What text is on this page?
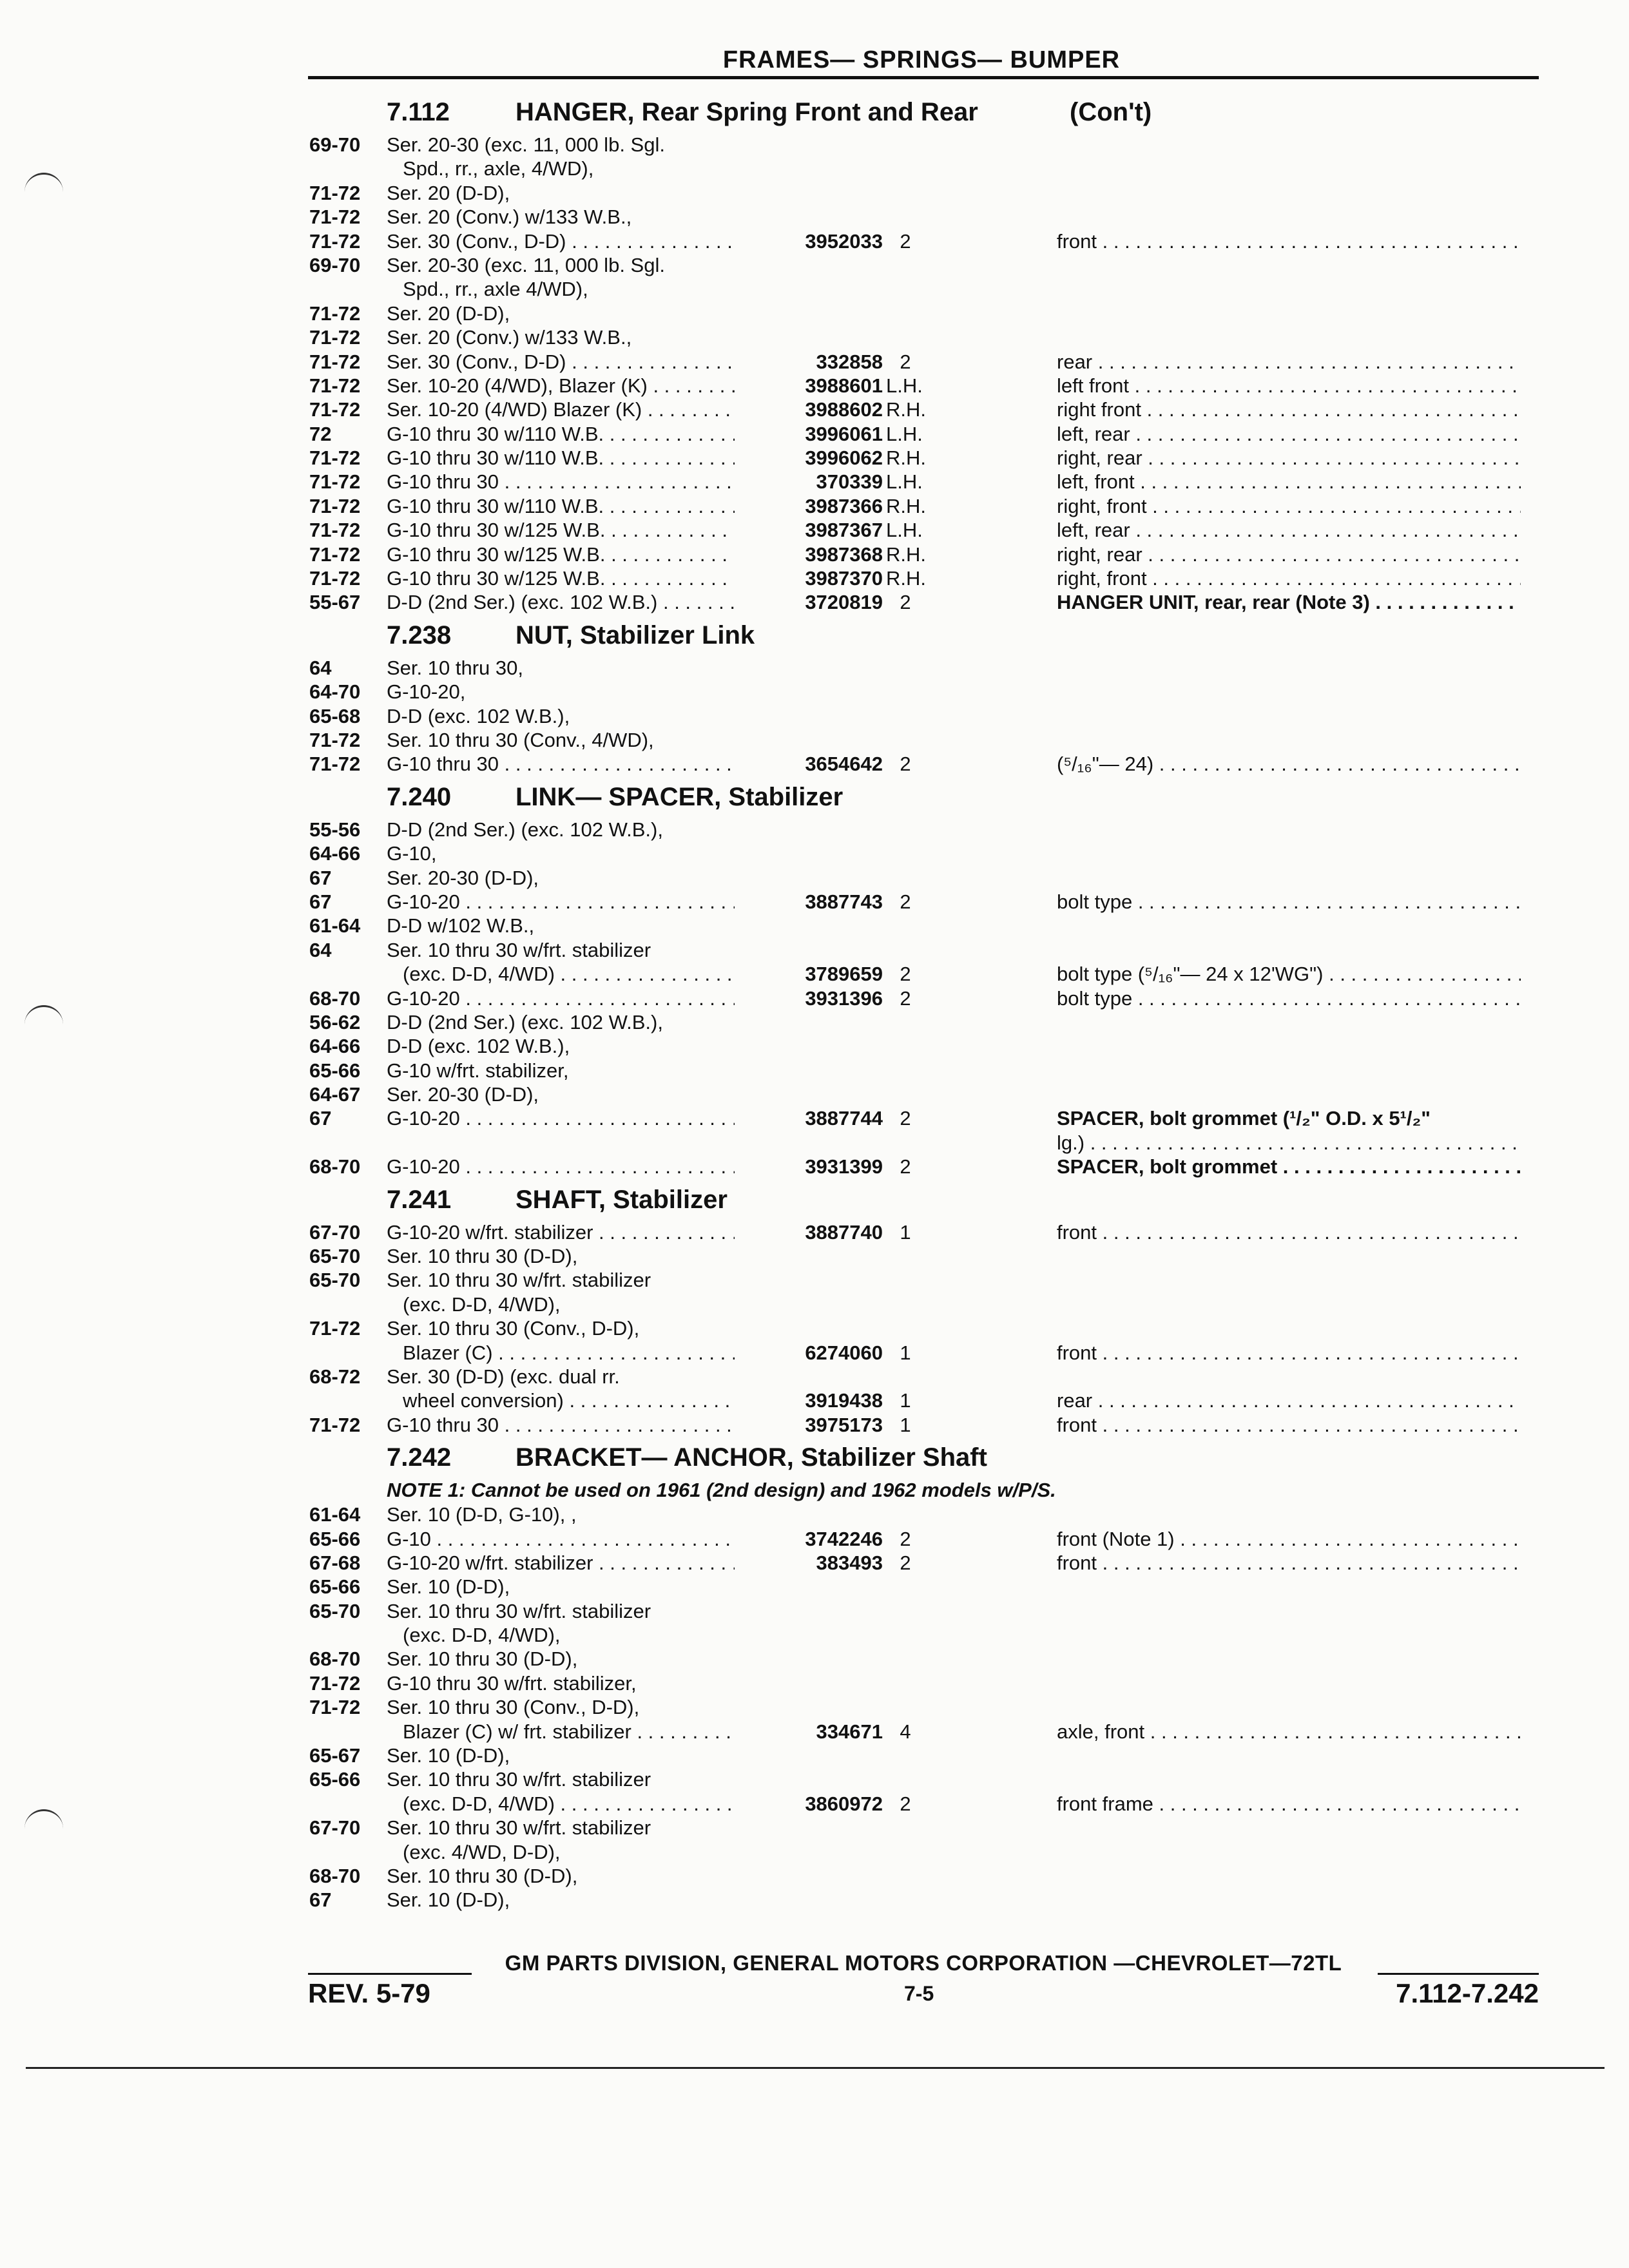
FRAMES— SPRINGS— BUMPER
7.112	HANGER, Rear Spring Front and Rear	(Con't)
69-70	Ser. 20-30 (exc. 11, 000 lb. Sgl.
Spd., rr., axle, 4/WD),
71-72	Ser. 20 (D-D),
71-72	Ser. 20 (Conv.) w/133 W.B.,
71-72	Ser. 30 (Conv., D-D) . . .	3952033 2	front . . .
69-70	Ser. 20-30 (exc. 11, 000 lb. Sgl.
Spd., rr., axle 4/WD),
71-72	Ser. 20 (D-D),
71-72	Ser. 20 (Conv.) w/133 W.B.,
71-72	Ser. 30 (Conv., D-D) . . .	332858 2	rear . . .
71-72	Ser. 10-20 (4/WD), Blazer (K) . . .	3988601 L.H.	left front . . .
71-72	Ser. 10-20 (4/WD) Blazer (K) . . .	3988602 R.H.	right front . . .
72	G-10 thru 30 w/110 W.B. . . .	3996061 L.H.	left, rear . . .
71-72	G-10 thru 30 w/110 W.B. . . .	3996062 R.H.	right, rear . . .
71-72	G-10 thru 30 . . .	370339 L.H.	left, front . . .
71-72	G-10 thru 30 w/110 W.B. . . .	3987366 R.H.	right, front . . .
71-72	G-10 thru 30 w/125 W.B. . . .	3987367 L.H.	left, rear . . .
71-72	G-10 thru 30 w/125 W.B. . . .	3987368 R.H.	right, rear . . .
71-72	G-10 thru 30 w/125 W.B. . . .	3987370 R.H.	right, front . . .
55-67	D-D (2nd Ser.) (exc. 102 W.B.) . . .	3720819 2	HANGER UNIT, rear, rear (Note 3) . . .
7.238 NUT, Stabilizer Link
64	Ser. 10 thru 30,
64-70	G-10-20,
65-68	D-D (exc. 102 W.B.),
71-72	Ser. 10 thru 30 (Conv., 4/WD),
71-72	G-10 thru 30 . . .	3654642 2	(⁵/₁₆"— 24) . . .
7.240 LINK— SPACER, Stabilizer
55-56	D-D (2nd Ser.) (exc. 102 W.B.),
64-66	G-10,
67	Ser. 20-30 (D-D),
67	G-10-20 . . .	3887743 2	bolt type . . .
61-64	D-D w/102 W.B.,
64	Ser. 10 thru 30 w/frt. stabilizer
(exc. D-D, 4/WD) . . .	3789659 2	bolt type (⁵/₁₆"— 24 x 12'WG") . . .
68-70	G-10-20 . . .	3931396 2	bolt type . . .
56-62	D-D (2nd Ser.) (exc. 102 W.B.),
64-66	D-D (exc. 102 W.B.),
65-66	G-10 w/frt. stabilizer,
64-67	Ser. 20-30 (D-D),
67	G-10-20 . . .	3887744 2	SPACER, bolt grommet (¹/₂" O.D. x 5¹/₂"
lg.) . . .
68-70	G-10-20 . . .	3931399 2	SPACER, bolt grommet . . .
7.241 SHAFT, Stabilizer
67-70	G-10-20 w/frt. stabilizer . . .	3887740 1	front . . .
65-70	Ser. 10 thru 30 (D-D),
65-70	Ser. 10 thru 30 w/frt. stabilizer
(exc. D-D, 4/WD),
71-72	Ser. 10 thru 30 (Conv., D-D),
Blazer (C) . . .	6274060 1	front . . .
68-72	Ser. 30 (D-D) (exc. dual rr.
wheel conversion) . . .	3919438 1	rear . . .
71-72	G-10 thru 30 . . .	3975173 1	front . . .
7.242 BRACKET— ANCHOR, Stabilizer Shaft
NOTE 1: Cannot be used on 1961 (2nd design) and 1962 models w/P/S.
61-64	Ser. 10 (D-D, G-10), ,
65-66	G-10 . . .	3742246 2	front (Note 1) . . .
67-68	G-10-20 w/frt. stabilizer . . .	383493 2	front . . .
65-66	Ser. 10 (D-D),
65-70	Ser. 10 thru 30 w/frt. stabilizer
(exc. D-D, 4/WD),
68-70	Ser. 10 thru 30 (D-D),
71-72	G-10 thru 30 w/frt. stabilizer,
71-72	Ser. 10 thru 30 (Conv., D-D),
Blazer (C) w/ frt. stabilizer . . .	334671 4	axle, front . . .
65-67	Ser. 10 (D-D),
65-66	Ser. 10 thru 30 w/frt. stabilizer
(exc. D-D, 4/WD) . . .	3860972 2	front frame . . .
67-70	Ser. 10 thru 30 w/frt. stabilizer
(exc. 4/WD, D-D),
68-70	Ser. 10 thru 30 (D-D),
67	Ser. 10 (D-D),
GM PARTS DIVISION, GENERAL MOTORS CORPORATION —CHEVROLET—72TL
REV. 5-79	7-5	7.112-7.242
